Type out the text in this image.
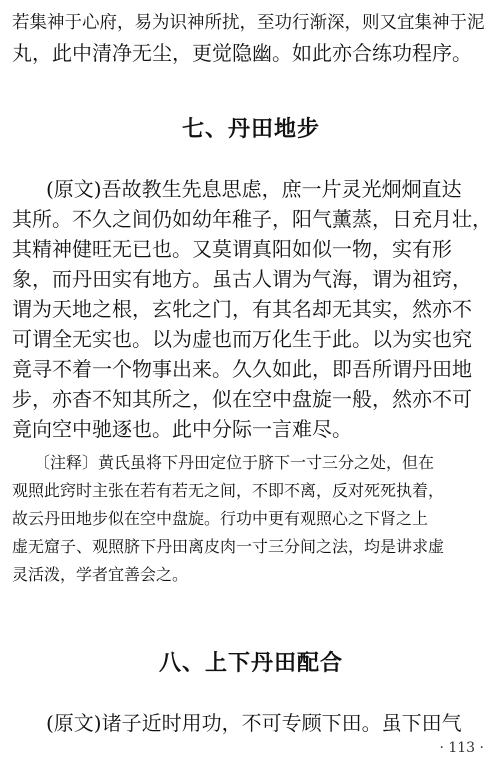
若集神于心府，易为识神所扰，至功行渐深，则又宜集神于泥
丸，此中清净无尘，更觉隐幽。如此亦合练功程序。
七、丹田地步
(原文)吾故教生先息思虑，庶一片灵光炯炯直达
其所。不久之间仍如幼年稚子，阳气薰蒸，日充月壮，
其精神健旺无已也。又莫谓真阳如似一物，实有形
象，而丹田实有地方。虽古人谓为气海，谓为祖窍，
谓为天地之根，玄牝之门，有其名却无其实，然亦不
可谓全无实也。以为虚也而万化生于此。以为实也究
竟寻不着一个物事出来。久久如此，即吾所谓丹田地
步，亦杳不知其所之，似在空中盘旋一般，然亦不可
竟向空中驰逐也。此中分际一言难尽。
〔注释〕黄氏虽将下丹田定位于脐下一寸三分之处，但在
观照此窍时主张在若有若无之间，不即不离，反对死死执着，
故云丹田地步似在空中盘旋。行功中更有观照心之下肾之上
虚无窟子、观照脐下丹田离皮肉一寸三分间之法，均是讲求虚
灵活泼，学者宜善会之。
八、上下丹田配合
(原文)诸子近时用功，不可专顾下田。虽下田气
· 113 ·
